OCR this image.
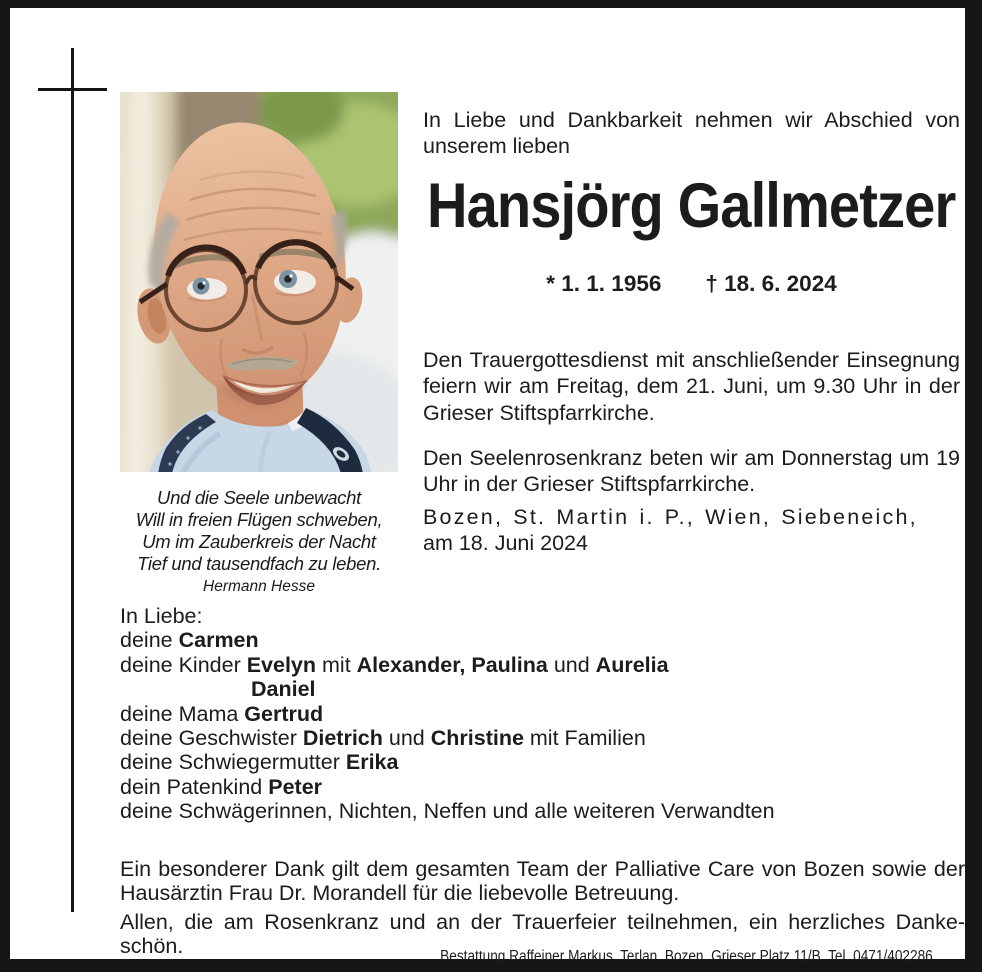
In Liebe und Dankbarkeit nehmen wir Abschied von unserem lieben

Hansjörg Gallmetzer
* 1. 1. 1956 † 18. 6. 2024

Den Trauergottesdienst mit anschließender Einsegnung feiern wir am Freitag, dem 21. Juni, um 9.30 Uhr in der Grieser Stiftspfarrkirche.

Den Seelenrosenkranz beten wir am Donnerstag um 19 Uhr in der Grieser Stiftspfarrkirche.

Bozen, St. Martin i. P., Wien, Siebeneich,
am 18. Juni 2024
Und die Seele unbewacht
Will in freien Flügen schweben,
Um im Zauberkreis der Nacht
Tief und tausendfach zu leben.
Hermann Hesse
In Liebe:
deine Carmen
deine Kinder Evelyn mit Alexander, Paulina und Aurelia
Daniel
deine Mama Gertrud
deine Geschwister Dietrich und Christine mit Familien
deine Schwiegermutter Erika
dein Patenkind Peter
deine Schwägerinnen, Nichten, Neffen und alle weiteren Verwandten

Ein besonderer Dank gilt dem gesamten Team der Palliative Care von Bozen sowie der Hausärztin Frau Dr. Morandell für die liebevolle Betreuung.

Allen, die am Rosenkranz und an der Trauerfeier teilnehmen, ein herzliches Dankeschön.	Bestattung Raffeiner Markus, Terlan, Bozen, Grieser Platz 11/B, Tel. 0471/402286
